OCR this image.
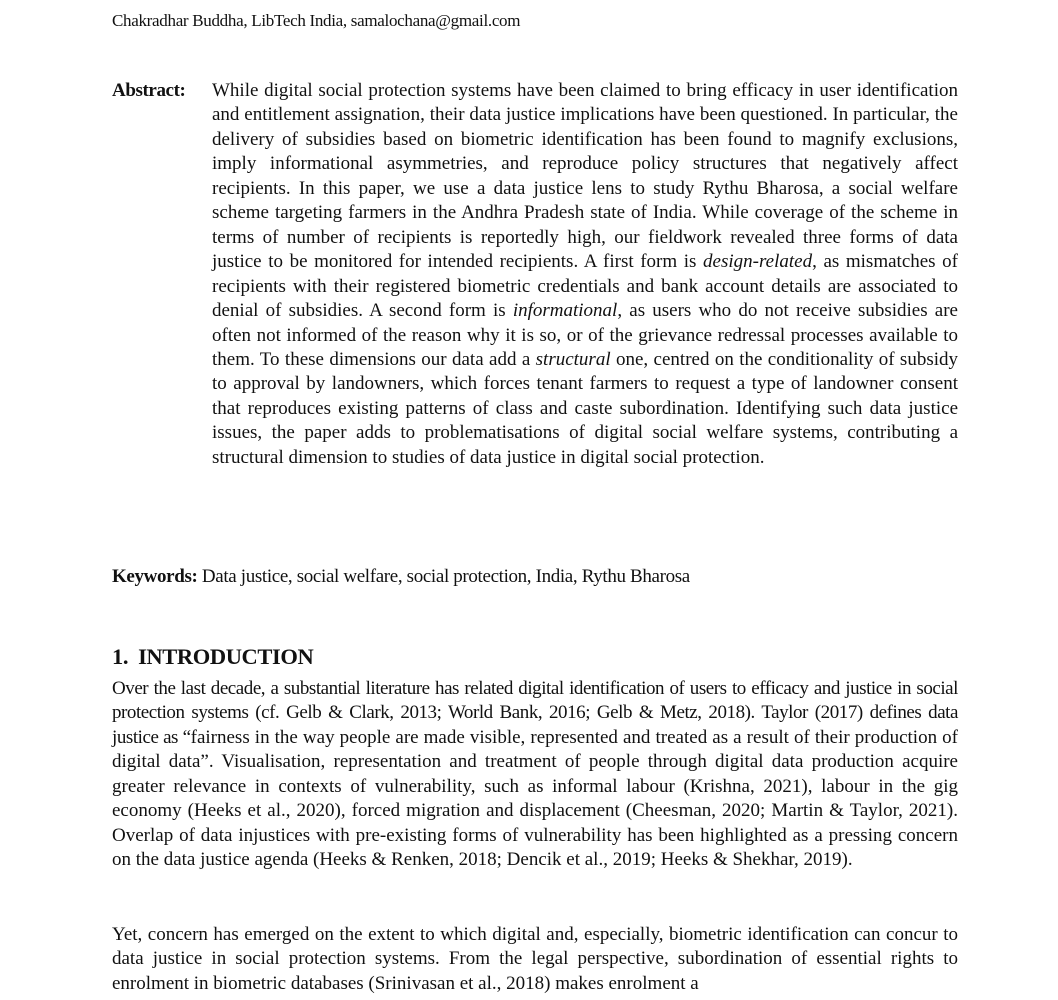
Chakradhar Buddha, LibTech India, samalochana@gmail.com
Abstract: While digital social protection systems have been claimed to bring efficacy in user identification and entitlement assignation, their data justice implications have been questioned. In particular, the delivery of subsidies based on biometric identification has been found to magnify exclusions, imply informational asymmetries, and reproduce policy structures that negatively affect recipients. In this paper, we use a data justice lens to study Rythu Bharosa, a social welfare scheme targeting farmers in the Andhra Pradesh state of India. While coverage of the scheme in terms of number of recipients is reportedly high, our fieldwork revealed three forms of data justice to be monitored for intended recipients. A first form is design-related, as mismatches of recipients with their registered biometric credentials and bank account details are associated to denial of subsidies. A second form is informational, as users who do not receive subsidies are often not informed of the reason why it is so, or of the grievance redressal processes available to them. To these dimensions our data add a structural one, centred on the conditionality of subsidy to approval by landowners, which forces tenant farmers to request a type of landowner consent that reproduces existing patterns of class and caste subordination. Identifying such data justice issues, the paper adds to problematisations of digital social welfare systems, contributing a structural dimension to studies of data justice in digital social protection.
Keywords: Data justice, social welfare, social protection, India, Rythu Bharosa
1. INTRODUCTION
Over the last decade, a substantial literature has related digital identification of users to efficacy and justice in social protection systems (cf. Gelb & Clark, 2013; World Bank, 2016; Gelb & Metz, 2018). Taylor (2017) defines data justice as “fairness in the way people are made visible, represented and treated as a result of their production of digital data”. Visualisation, representation and treatment of people through digital data production acquire greater relevance in contexts of vulnerability, such as informal labour (Krishna, 2021), labour in the gig economy (Heeks et al., 2020), forced migration and displacement (Cheesman, 2020; Martin & Taylor, 2021). Overlap of data injustices with pre-existing forms of vulnerability has been highlighted as a pressing concern on the data justice agenda (Heeks & Renken, 2018; Dencik et al., 2019; Heeks & Shekhar, 2019).
Yet, concern has emerged on the extent to which digital and, especially, biometric identification can concur to data justice in social protection systems. From the legal perspective, subordination of essential rights to enrolment in biometric databases (Srinivasan et al., 2018) makes enrolment a
